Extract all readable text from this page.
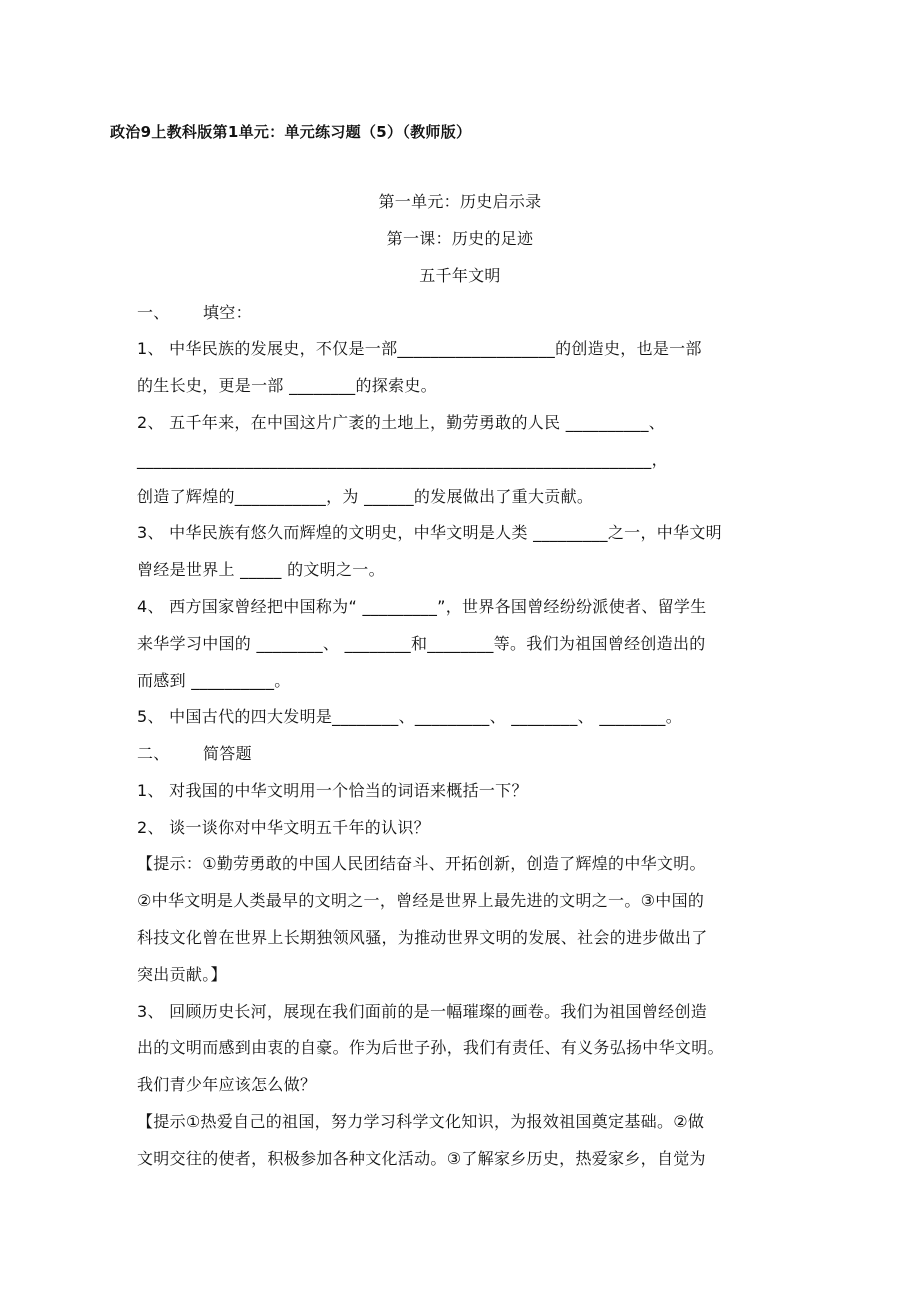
政治9上教科版第1单元：单元练习题（5）（教师版）
第一单元：历史启示录
第一课：历史的足迹
五千年文明
一、 填空：
1、 中华民族的发展史，不仅是一部___________________的创造史，也是一部
的生长史，更是一部 ________的探索史。
2、 五千年来，在中国这片广袤的土地上，勤劳勇敢的人民 __________、
______________________________________________________________，
创造了辉煌的___________，为 ______的发展做出了重大贡献。
3、 中华民族有悠久而辉煌的文明史，中华文明是人类 _________之一，中华文明
曾经是世界上 _____ 的文明之一。
4、 西方国家曾经把中国称为“ _________”，世界各国曾经纷纷派使者、留学生
来华学习中国的 ________、 ________和________等。我们为祖国曾经创造出的
而感到 __________。
5、 中国古代的四大发明是________、_________、 ________、 ________。
二、 简答题
1、 对我国的中华文明用一个恰当的词语来概括一下？
2、 谈一谈你对中华文明五千年的认识？
【提示：①勤劳勇敢的中国人民团结奋斗、开拓创新，创造了辉煌的中华文明。
②中华文明是人类最早的文明之一，曾经是世界上最先进的文明之一。③中国的
科技文化曾在世界上长期独领风骚，为推动世界文明的发展、社会的进步做出了
突出贡献。】
3、 回顾历史长河，展现在我们面前的是一幅璀璨的画卷。我们为祖国曾经创造
出的文明而感到由衷的自豪。作为后世子孙，我们有责任、有义务弘扬中华文明。
我们青少年应该怎么做？
【提示①热爱自己的祖国，努力学习科学文化知识，为报效祖国奠定基础。②做
文明交往的使者，积极参加各种文化活动。③了解家乡历史，热爱家乡，自觉为
